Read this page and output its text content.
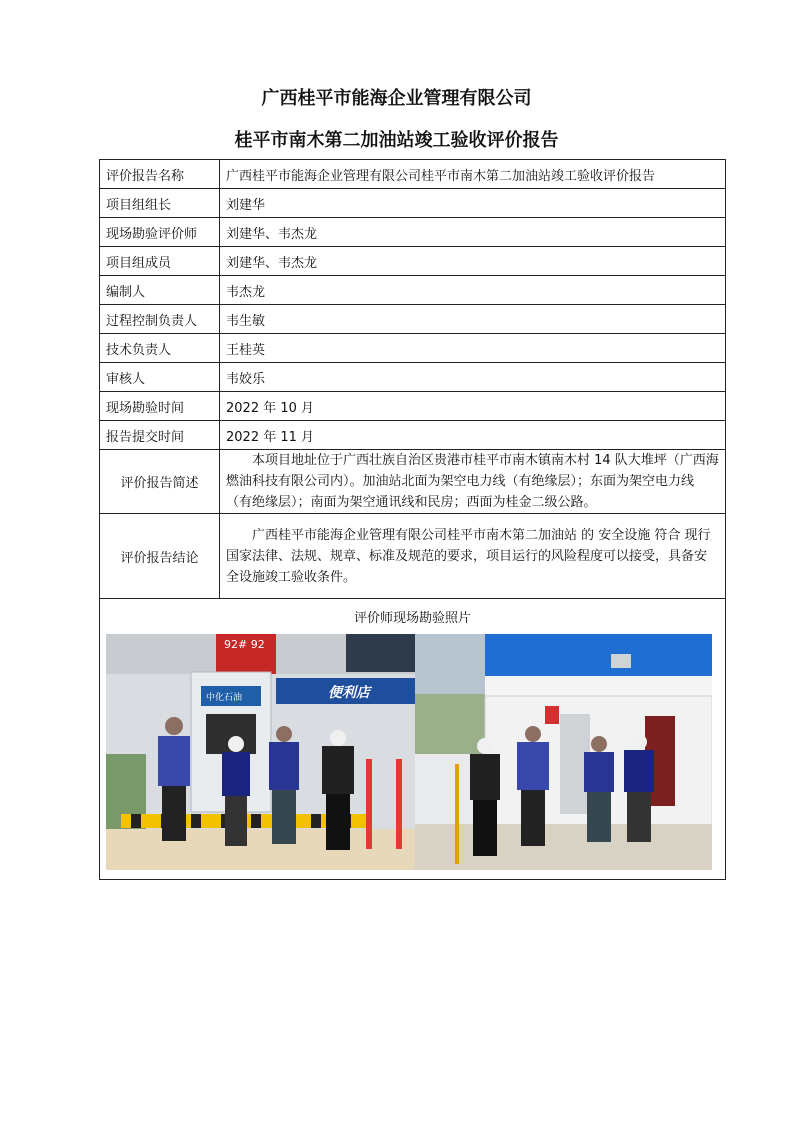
广西桂平市能海企业管理有限公司
桂平市南木第二加油站竣工验收评价报告
评价报告名称	广西桂平市能海企业管理有限公司桂平市南木第二加油站竣工验收评价报告
项目组组长	刘建华
现场勘验评价师	刘建华、韦杰龙
项目组成员	刘建华、韦杰龙
编制人	韦杰龙
过程控制负责人	韦生敏
技术负责人	王桂英
审核人	韦姣乐
现场勘验时间	2022 年 10 月
报告提交时间	2022 年 11 月
评价报告简述	本项目地址位于广西壮族自治区贵港市桂平市南木镇南木村 14 队大堆坪（广西海燃油科技有限公司内）。加油站北面为架空电力线（有绝缘层）；东面为架空电力线（有绝缘层）；南面为架空通讯线和民房；西面为桂金二级公路。

评价报告结论	广西桂平市能海企业管理有限公司桂平市南木第二加油站 的 安全设施 符合 现行 国家法律、法规、规章、标准及规范的要求，项目运行的风险程度可以接受，具备安全设施竣工验收条件。

评价师现场勘验照片
92# 92
中化石油 便利店	
